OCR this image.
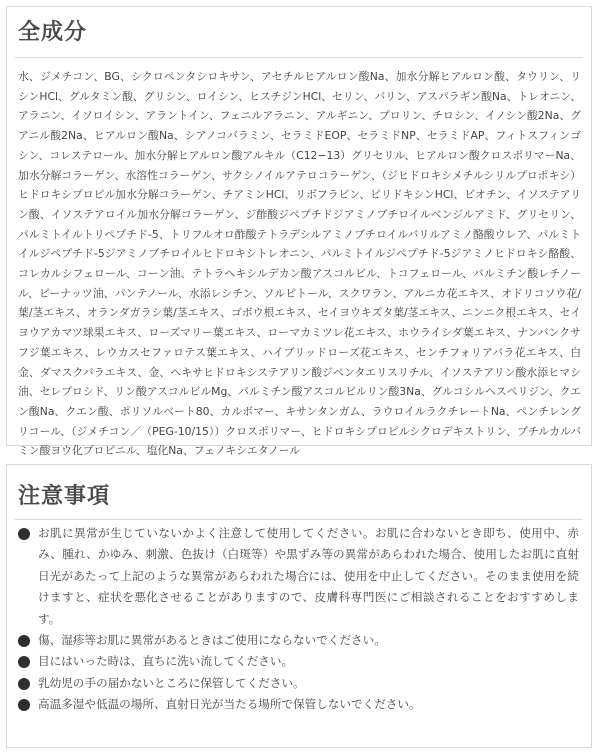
全成分

水、ジメチコン、BG、シクロペンタシロキサン、アセチルヒアルロン酸Na、加水分解ヒアルロン酸、タウリン、リシンHCl、グルタミン酸、グリシン、ロイシン、ヒスチジンHCl、セリン、バリン、アスパラギン酸Na、トレオニン、アラニン、イソロイシン、アラントイン、フェニルアラニン、アルギニン、プロリン、チロシン、イノシン酸2Na、グアニル酸2Na、ヒアルロン酸Na、シアノコバラミン、セラミドEOP、セラミドNP、セラミドAP、フィトスフィンゴシン、コレステロール、加水分解ヒアルロン酸アルキル（C12−13）グリセリル、ヒアルロン酸クロスポリマーNa、加水分解コラーゲン、水溶性コラーゲン、サクシノイルアテロコラーゲン、（ジヒドロキシメチルシリルプロポキシ）ヒドロキシプロピル加水分解コラーゲン、チアミンHCl、リボフラビン、ピリドキシンHCl、ビオチン、イソステアリン酸、イソステアロイル加水分解コラーゲン、ジ酢酸ジペプチドジアミノブチロイルベンジルアミド、グリセリン、パルミトイルトリペプチド-5、トリフルオロ酢酸テトラデシルアミノブチロイルバリルアミノ酪酸ウレア、パルミトイルジペプチド-5ジアミノブチロイルヒドロキシトレオニン、パルミトイルジペプチド-5ジアミノヒドロキシ酪酸、コレカルシフェロール、コーン油、テトラヘキシルデカン酸アスコルビル、トコフェロール、パルミチン酸レチノール、ピーナッツ油、パンテノール、水添レシチン、ソルビトール、スクワラン、アルニカ花エキス、オドリコソウ花/葉/茎エキス、オランダガラシ葉/茎エキス、ゴボウ根エキス、セイヨウキズタ葉/茎エキス、ニンニク根エキス、セイヨウアカマツ球果エキス、ローズマリー葉エキス、ローマカミツレ花エキス、ホウライシダ葉エキス、ナンバンクサフジ葉エキス、レウカスセファロテス葉エキス、ハイブリッドローズ花エキス、センチフォリアバラ花エキス、白金、ダマスクバラエキス、金、ヘキサヒドロキシステアリン酸ジペンタエリスリチル、イソステアリン酸水添ヒマシ油、セレブロシド、リン酸アスコルビルMg、パルミチン酸アスコルビルリン酸3Na、グルコシルヘスペリジン、クエン酸Na、クエン酸、ポリソルベート80、カルボマー、キサンタンガム、ラウロイルラクチレートNa、ペンチレングリコール、（ジメチコン／（PEG-10/15））クロスポリマー、ヒドロキシプロピルシクロデキストリン、ブチルカルバミン酸ヨウ化プロピニル、塩化Na、フェノキシエタノール

注意事項
お肌に異常が生じていないかよく注意して使用してください。お肌に合わないとき即ち、使用中、赤み、腫れ、かゆみ、刺激、色抜け（白斑等）や黒ずみ等の異常があらわれた場合、使用したお肌に直射日光があたって上記のような異常があらわれた場合には、使用を中止してください。そのまま使用を続けますと、症状を悪化させることがありますので、皮膚科専門医にご相談されることをおすすめします。
傷、湿疹等お肌に異常があるときはご使用にならないでください。
目にはいった時は、直ちに洗い流してください。
乳幼児の手の届かないところに保管してください。
高温多湿や低温の場所、直射日光が当たる場所で保管しないでください。
